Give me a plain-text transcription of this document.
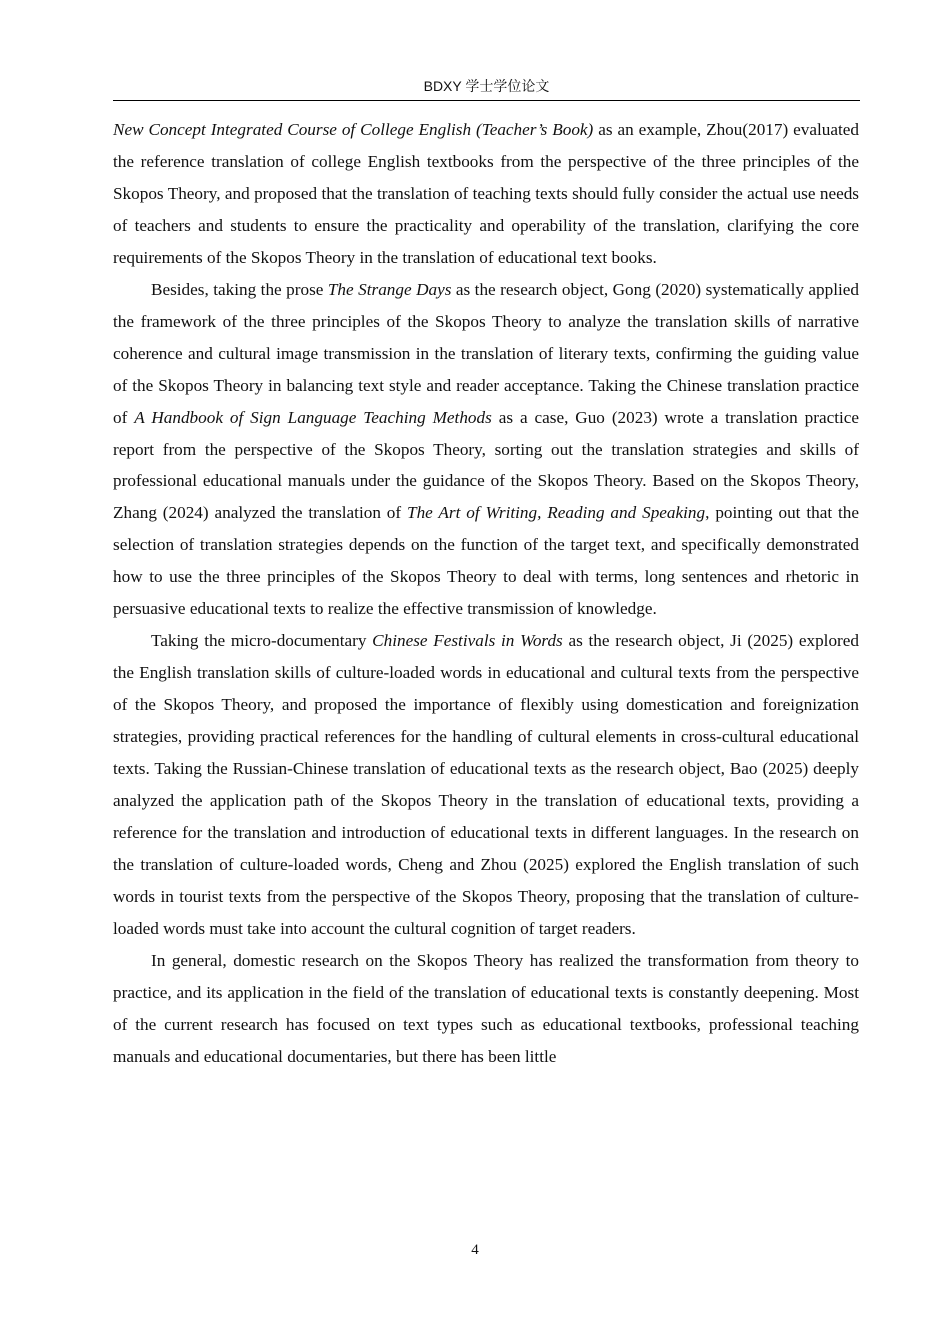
BDXY 学士学位论文

New Concept Integrated Course of College English (Teacher’s Book) as an example, Zhou(2017) evaluated the reference translation of college English textbooks from the perspective of the three principles of the Skopos Theory, and proposed that the translation of teaching texts should fully consider the actual use needs of teachers and students to ensure the practicality and operability of the translation, clarifying the core requirements of the Skopos Theory in the translation of educational text books.

Besides, taking the prose The Strange Days as the research object, Gong (2020) systematically applied the framework of the three principles of the Skopos Theory to analyze the translation skills of narrative coherence and cultural image transmission in the translation of literary texts, confirming the guiding value of the Skopos Theory in balancing text style and reader acceptance. Taking the Chinese translation practice of A Handbook of Sign Language Teaching Methods as a case, Guo (2023) wrote a translation practice report from the perspective of the Skopos Theory, sorting out the translation strategies and skills of professional educational manuals under the guidance of the Skopos Theory. Based on the Skopos Theory, Zhang (2024) analyzed the translation of The Art of Writing, Reading and Speaking, pointing out that the selection of translation strategies depends on the function of the target text, and specifically demonstrated how to use the three principles of the Skopos Theory to deal with terms, long sentences and rhetoric in persuasive educational texts to realize the effective transmission of knowledge.

Taking the micro-documentary Chinese Festivals in Words as the research object, Ji (2025) explored the English translation skills of culture-loaded words in educational and cultural texts from the perspective of the Skopos Theory, and proposed the importance of flexibly using domestication and foreignization strategies, providing practical references for the handling of cultural elements in cross-cultural educational texts. Taking the Russian-Chinese translation of educational texts as the research object, Bao (2025) deeply analyzed the application path of the Skopos Theory in the translation of educational texts, providing a reference for the translation and introduction of educational texts in different languages. In the research on the translation of culture-loaded words, Cheng and Zhou (2025) explored the English translation of such words in tourist texts from the perspective of the Skopos Theory, proposing that the translation of culture-loaded words must take into account the cultural cognition of target readers.

In general, domestic research on the Skopos Theory has realized the transformation from theory to practice, and its application in the field of the translation of educational texts is constantly deepening. Most of the current research has focused on text types such as educational textbooks, professional teaching manuals and educational documentaries, but there has been little

4
